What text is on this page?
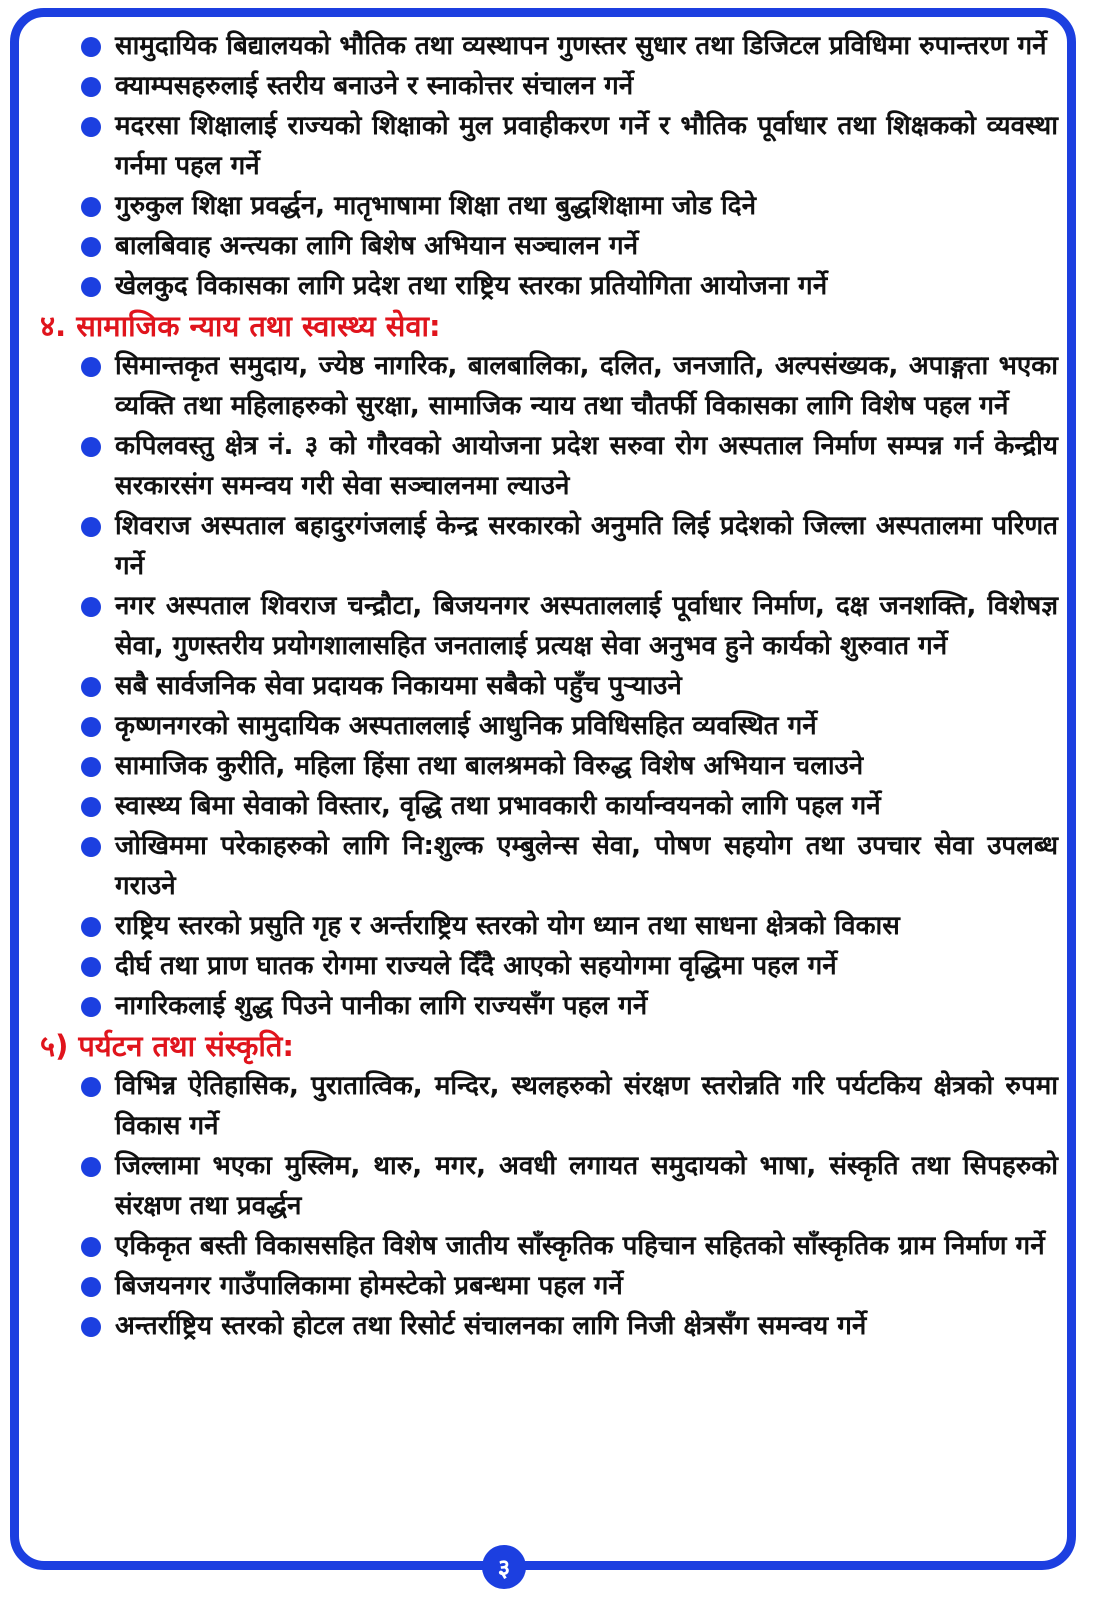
सामुदायिक बिद्यालयको भौतिक तथा व्यस्थापन गुणस्तर सुधार तथा डिजिटल प्रविधिमा रुपान्तरण गर्ने
क्याम्पसहरुलाई स्तरीय बनाउने र स्नाकोत्तर संचालन गर्ने
मदरसा शिक्षालाई राज्यको शिक्षाको मुल प्रवाहीकरण गर्ने र भौतिक पूर्वाधार तथा शिक्षकको व्यवस्था गर्नमा पहल गर्ने
गुरुकुल शिक्षा प्रवर्द्धन, मातृभाषामा शिक्षा तथा बुद्धशिक्षामा जोड दिने
बालबिवाह अन्त्यका लागि बिशेष अभियान सञ्चालन गर्ने
खेलकुद विकासका लागि प्रदेश तथा राष्ट्रिय स्तरका प्रतियोगिता आयोजना गर्ने
४. सामाजिक न्याय तथा स्वास्थ्य सेवा:
सिमान्तकृत समुदाय, ज्येष्ठ नागरिक, बालबालिका, दलित, जनजाति, अल्पसंख्यक, अपाङ्गता भएका व्यक्ति तथा महिलाहरुको सुरक्षा, सामाजिक न्याय तथा चौतर्फी विकासका लागि विशेष पहल गर्ने
कपिलवस्तु क्षेत्र नं. ३ को गौरवको आयोजना प्रदेश सरुवा रोग अस्पताल निर्माण सम्पन्न गर्न केन्द्रीय सरकारसंग समन्वय गरी सेवा सञ्चालनमा ल्याउने
शिवराज अस्पताल बहादुरगंजलाई केन्द्र सरकारको अनुमति लिई प्रदेशको जिल्ला अस्पतालमा परिणत गर्ने
नगर अस्पताल शिवराज चन्द्रौटा, बिजयनगर अस्पताललाई पूर्वाधार निर्माण, दक्ष जनशक्ति, विशेषज्ञ सेवा, गुणस्तरीय प्रयोगशालासहित जनतालाई प्रत्यक्ष सेवा अनुभव हुने कार्यको शुरुवात गर्ने
सबै सार्वजनिक सेवा प्रदायक निकायमा सबैको पहुँच पुऱ्याउने
कृष्णनगरको सामुदायिक अस्पताललाई आधुनिक प्रविधिसहित व्यवस्थित गर्ने
सामाजिक कुरीति, महिला हिंसा तथा बालश्रमको विरुद्ध विशेष अभियान चलाउने
स्वास्थ्य बिमा सेवाको विस्तार, वृद्धि तथा प्रभावकारी कार्यान्वयनको लागि पहल गर्ने
जोखिममा परेकाहरुको लागि नि:शुल्क एम्बुलेन्स सेवा, पोषण सहयोग तथा उपचार सेवा उपलब्ध गराउने
राष्ट्रिय स्तरको प्रसुति गृह र अर्न्तराष्ट्रिय स्तरको योग ध्यान तथा साधना क्षेत्रको विकास
दीर्घ तथा प्राण घातक रोगमा राज्यले दिँदै आएको सहयोगमा वृद्धिमा पहल गर्ने
नागरिकलाई शुद्ध पिउने पानीका लागि राज्यसँग पहल गर्ने
५) पर्यटन तथा संस्कृति:
विभिन्न ऐतिहासिक, पुरातात्विक, मन्दिर, स्थलहरुको संरक्षण स्तरोन्नति गरि पर्यटकिय क्षेत्रको रुपमा विकास गर्ने
जिल्लामा भएका मुस्लिम, थारु, मगर, अवधी लगायत समुदायको भाषा, संस्कृति तथा सिपहरुको संरक्षण तथा प्रवर्द्धन
एकिकृत बस्ती विकाससहित विशेष जातीय साँस्कृतिक पहिचान सहितको साँस्कृतिक ग्राम निर्माण गर्ने
बिजयनगर गाउँपालिकामा होमस्टेको प्रबन्धमा पहल गर्ने
अन्तर्राष्ट्रिय स्तरको होटल तथा रिसोर्ट संचालनका लागि निजी क्षेत्रसँग समन्वय गर्ने
३
